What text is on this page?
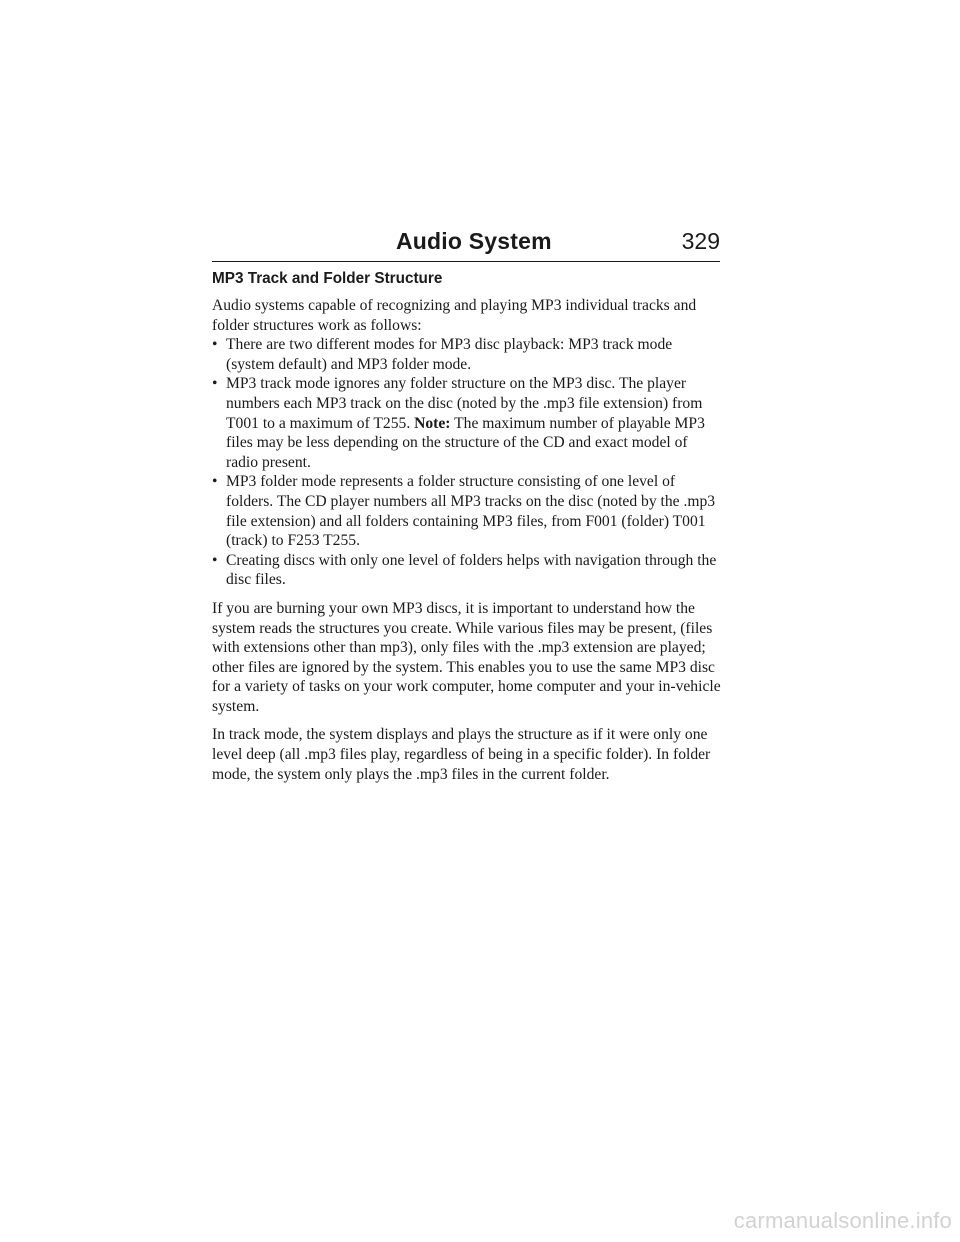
Audio System	329
MP3 Track and Folder Structure

Audio systems capable of recognizing and playing MP3 individual tracks and folder structures work as follows:

• There are two different modes for MP3 disc playback: MP3 track mode (system default) and MP3 folder mode.
• MP3 track mode ignores any folder structure on the MP3 disc. The player numbers each MP3 track on the disc (noted by the .mp3 file extension) from T001 to a maximum of T255. Note: The maximum number of playable MP3 files may be less depending on the structure of the CD and exact model of radio present.
• MP3 folder mode represents a folder structure consisting of one level of folders. The CD player numbers all MP3 tracks on the disc (noted by the .mp3 file extension) and all folders containing MP3 files, from F001 (folder) T001 (track) to F253 T255.
• Creating discs with only one level of folders helps with navigation through the disc files.

If you are burning your own MP3 discs, it is important to understand how the system reads the structures you create. While various files may be present, (files with extensions other than mp3), only files with the .mp3 extension are played; other files are ignored by the system. This enables you to use the same MP3 disc for a variety of tasks on your work computer, home computer and your in-vehicle system.

In track mode, the system displays and plays the structure as if it were only one level deep (all .mp3 files play, regardless of being in a specific folder). In folder mode, the system only plays the .mp3 files in the current folder.

carmanualsonline.info
